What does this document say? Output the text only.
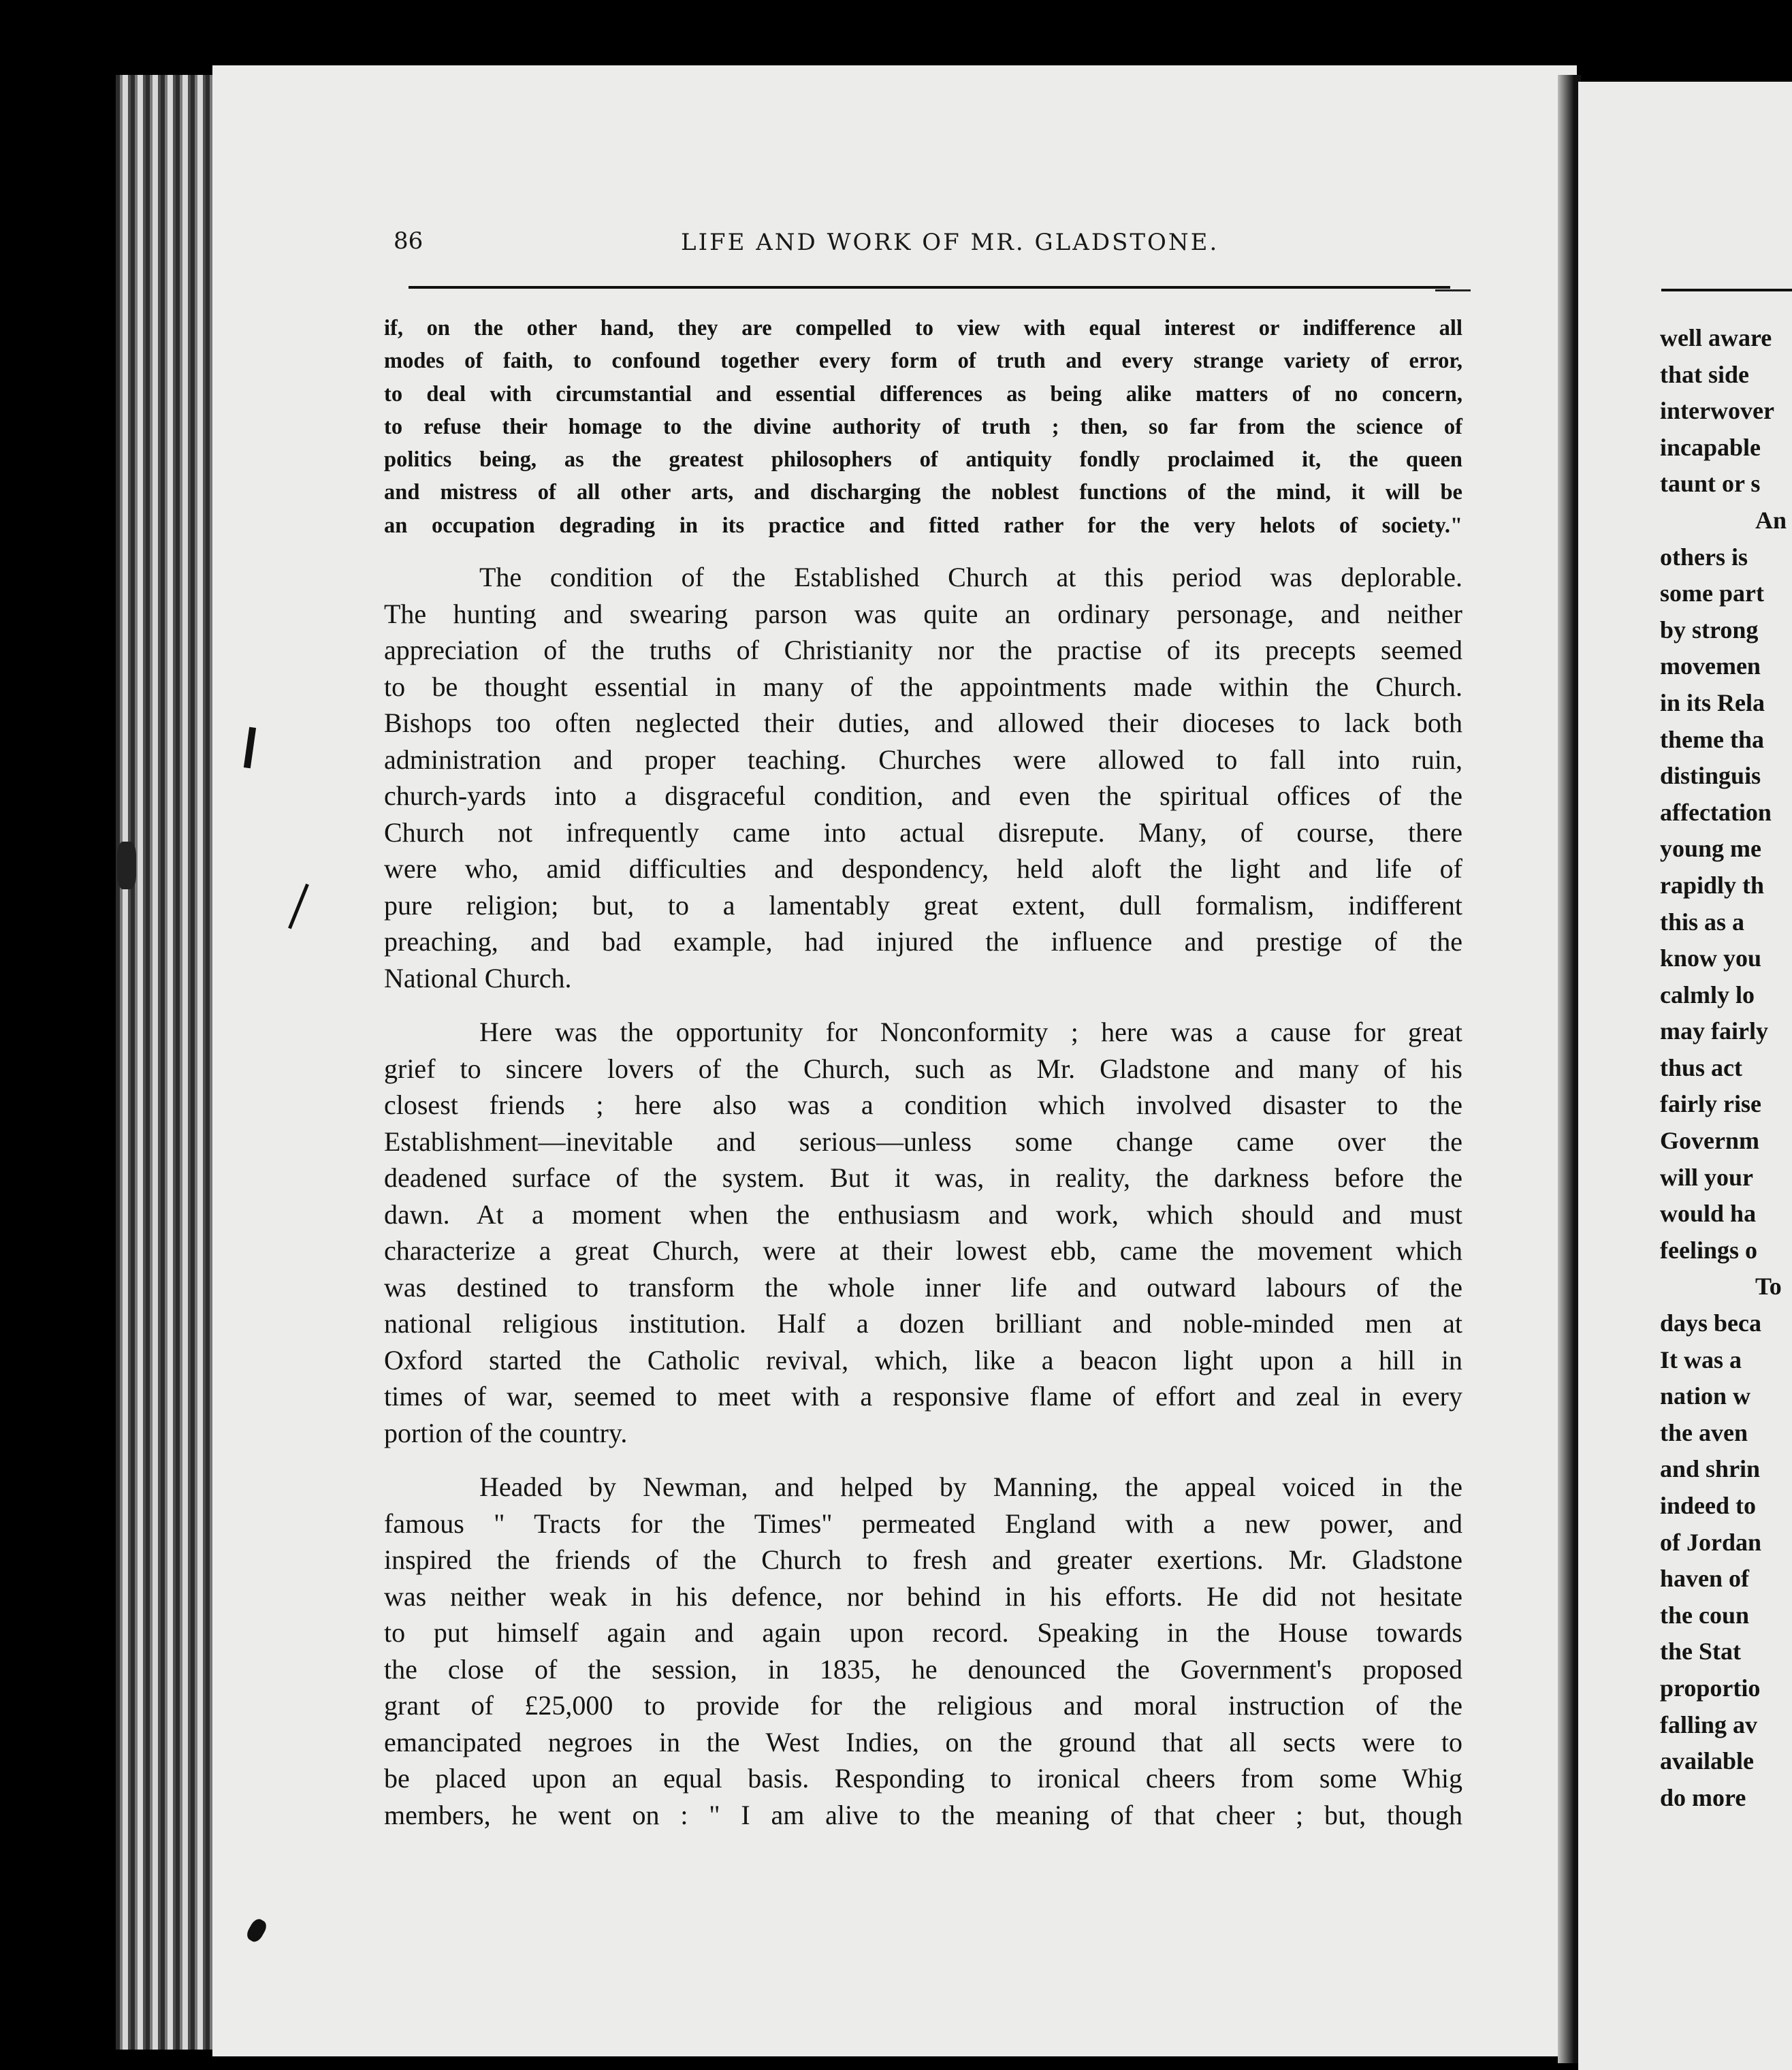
86	LIFE AND WORK OF MR. GLADSTONE.

if, on the other hand, they are compelled to view with equal interest or indifference all
modes of faith, to confound together every form of truth and every strange variety of error,
to deal with circumstantial and essential differences as being alike matters of no concern,
to refuse their homage to the divine authority of truth ; then, so far from the science of
politics being, as the greatest philosophers of antiquity fondly proclaimed it, the queen
and mistress of all other arts, and discharging the noblest functions of the mind, it will be
an occupation degrading in its practice and fitted rather for the very helots of society."

The condition of the Established Church at this period was deplorable.
The hunting and swearing parson was quite an ordinary personage, and neither
appreciation of the truths of Christianity nor the practise of its precepts seemed
to be thought essential in many of the appointments made within the Church.
Bishops too often neglected their duties, and allowed their dioceses to lack both
administration and proper teaching. Churches were allowed to fall into ruin,
church-yards into a disgraceful condition, and even the spiritual offices of the
Church not infrequently came into actual disrepute. Many, of course, there
were who, amid difficulties and despondency, held aloft the light and life of
pure religion; but, to a lamentably great extent, dull formalism, indifferent
preaching, and bad example, had injured the influence and prestige of the
National Church.

Here was the opportunity for Nonconformity ; here was a cause for great
grief to sincere lovers of the Church, such as Mr. Gladstone and many of his
closest friends ; here also was a condition which involved disaster to the
Establishment—inevitable and serious—unless some change came over the
deadened surface of the system. But it was, in reality, the darkness before the
dawn. At a moment when the enthusiasm and work, which should and must
characterize a great Church, were at their lowest ebb, came the movement which
was destined to transform the whole inner life and outward labours of the
national religious institution. Half a dozen brilliant and noble-minded men at
Oxford started the Catholic revival, which, like a beacon light upon a hill in
times of war, seemed to meet with a responsive flame of effort and zeal in every
portion of the country.

Headed by Newman, and helped by Manning, the appeal voiced in the
famous " Tracts for the Times" permeated England with a new power, and
inspired the friends of the Church to fresh and greater exertions. Mr. Gladstone
was neither weak in his defence, nor behind in his efforts. He did not hesitate
to put himself again and again upon record. Speaking in the House towards
the close of the session, in 1835, he denounced the Government's proposed
grant of £25,000 to provide for the religious and moral instruction of the
emancipated negroes in the West Indies, on the ground that all sects were to
be placed upon an equal basis. Responding to ironical cheers from some Whig
members, he went on : " I am alive to the meaning of that cheer ; but, though

well aware
that side
interwover
incapable
taunt or s
An
others is
some part
by strong
movemen
in its Rela
theme tha
distinguis
affectation
young me
rapidly th
this as a
know you
calmly lo
may fairly
thus act
fairly rise
Governm
will your
would ha
feelings o
To
days beca
It was a
nation w
the aven
and shrin
indeed to
of Jordan
haven of
the coun
the Stat
proportio
falling av
available
do more
